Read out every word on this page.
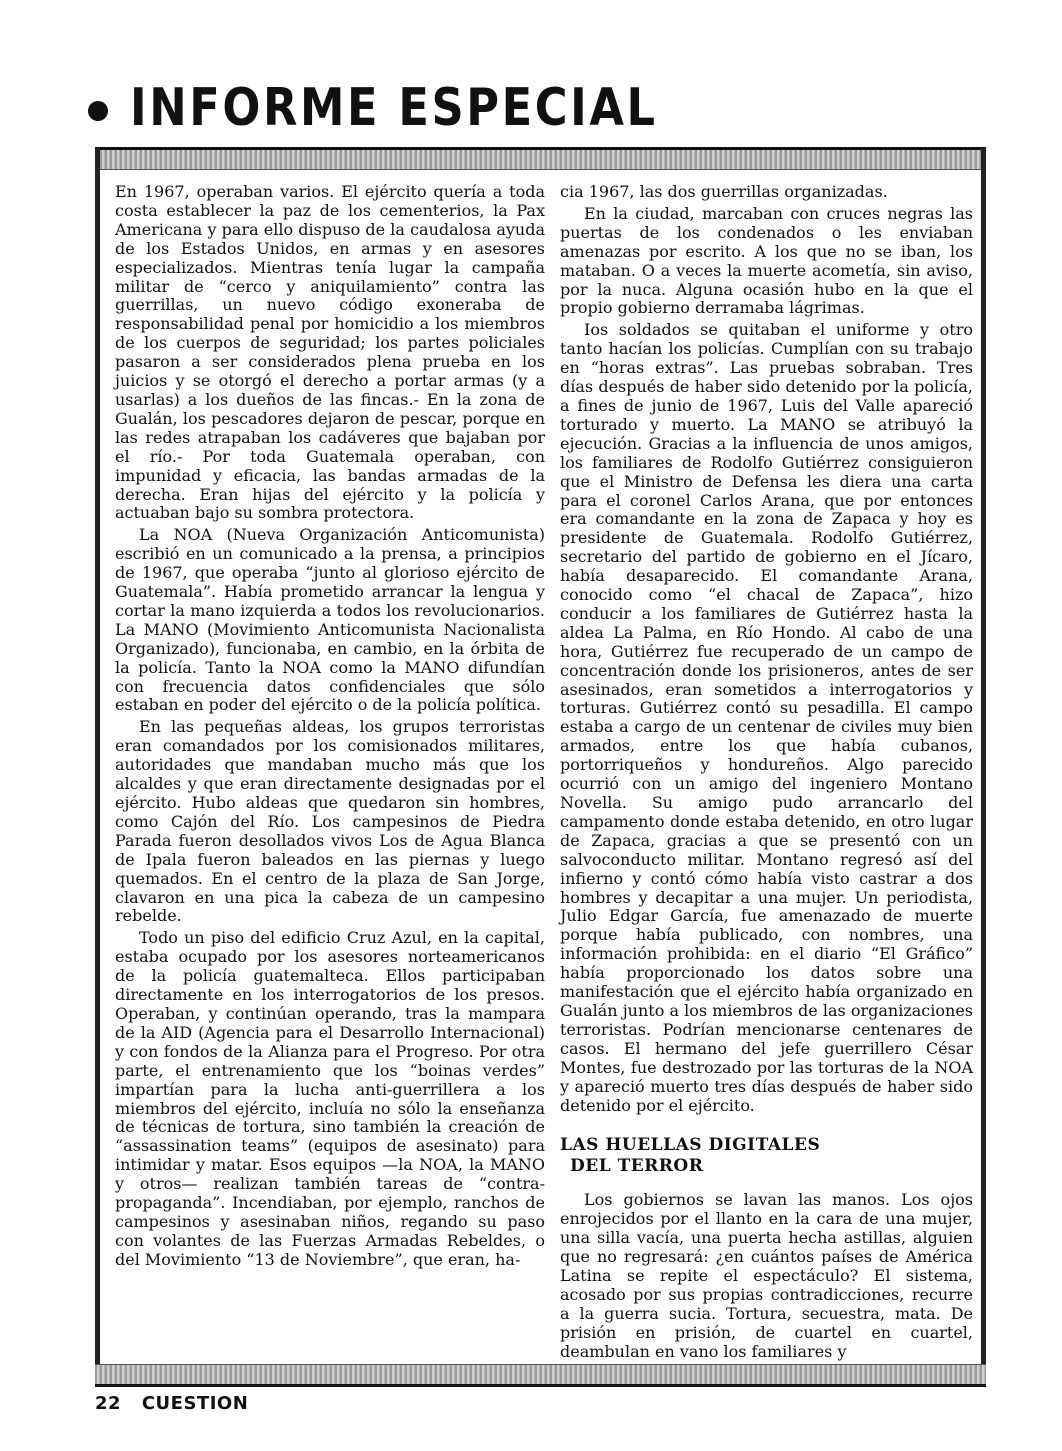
INFORME ESPECIAL

En 1967, operaban varios. El ejército quería a toda costa establecer la paz de los cementerios, la Pax Americana y para ello dispuso de la caudalosa ayuda de los Estados Unidos, en armas y en asesores especializados. Mientras tenía lugar la campaña militar de “cerco y aniquilamiento” contra las guerrillas, un nuevo código exoneraba de responsabilidad penal por homicidio a los miembros de los cuerpos de seguridad; los partes policiales pasaron a ser considerados plena prueba en los juicios y se otorgó el derecho a portar armas (y a usarlas) a los dueños de las fincas.- En la zona de Gualán, los pescadores dejaron de pescar, porque en las redes atrapaban los cadáveres que bajaban por el río.- Por toda Guatemala operaban, con impunidad y eficacia, las bandas armadas de la derecha. Eran hijas del ejército y la policía y actuaban bajo su sombra protectora.

La NOA (Nueva Organización Anticomunista) escribió en un comunicado a la prensa, a principios de 1967, que operaba “junto al glorioso ejército de Guatemala”. Había prometido arrancar la lengua y cortar la mano izquierda a todos los revolucionarios. La MANO (Movimiento Anticomunista Nacionalista Organizado), funcionaba, en cambio, en la órbita de la policía. Tanto la NOA como la MANO difundían con frecuencia datos confidenciales que sólo estaban en poder del ejército o de la policía política.

En las pequeñas aldeas, los grupos terroristas eran comandados por los comisionados militares, autoridades que mandaban mucho más que los alcaldes y que eran directamente designadas por el ejército. Hubo aldeas que quedaron sin hombres, como Cajón del Río. Los campesinos de Piedra Parada fueron desollados vivos Los de Agua Blanca de Ipala fueron baleados en las piernas y luego quemados. En el centro de la plaza de San Jorge, clavaron en una pica la cabeza de un campesino rebelde.

Todo un piso del edificio Cruz Azul, en la capital, estaba ocupado por los asesores norteamericanos de la policía guatemalteca. Ellos participaban directamente en los interrogatorios de los presos. Operaban, y continúan operando, tras la mampara de la AID (Agencia para el Desarrollo Internacional) y con fondos de la Alianza para el Progreso. Por otra parte, el entrenamiento que los “boinas verdes” impartían para la lucha anti-guerrillera a los miembros del ejército, incluía no sólo la enseñanza de técnicas de tortura, sino también la creación de “assassination teams” (equipos de asesinato) para intimidar y matar. Esos equipos —la NOA, la MANO y otros— realizan también tareas de “contra-propaganda”. Incendiaban, por ejemplo, ranchos de campesinos y asesinaban niños, regando su paso con volantes de las Fuerzas Armadas Rebeldes, o del Movimiento “13 de Noviembre”, que eran, ha-

cia 1967, las dos guerrillas organizadas.

En la ciudad, marcaban con cruces negras las puertas de los condenados o les enviaban amenazas por escrito. A los que no se iban, los mataban. O a veces la muerte acometía, sin aviso, por la nuca. Alguna ocasión hubo en la que el propio gobierno derramaba lágrimas.

Ios soldados se quitaban el uniforme y otro tanto hacían los policías. Cumplían con su trabajo en “horas extras”. Las pruebas sobraban. Tres días después de haber sido detenido por la policía, a fines de junio de 1967, Luis del Valle apareció torturado y muerto. La MANO se atribuyó la ejecución. Gracias a la influencia de unos amigos, los familiares de Rodolfo Gutiérrez consiguieron que el Ministro de Defensa les diera una carta para el coronel Carlos Arana, que por entonces era comandante en la zona de Zapaca y hoy es presidente de Guatemala. Rodolfo Gutiérrez, secretario del partido de gobierno en el Jícaro, había desaparecido. El comandante Arana, conocido como “el chacal de Zapaca”, hizo conducir a los familiares de Gutiérrez hasta la aldea La Palma, en Río Hondo. Al cabo de una hora, Gutiérrez fue recuperado de un campo de concentración donde los prisioneros, antes de ser asesinados, eran sometidos a interrogatorios y torturas. Gutiérrez contó su pesadilla. El campo estaba a cargo de un centenar de civiles muy bien armados, entre los que había cubanos, portorriqueños y hondureños. Algo parecido ocurrió con un amigo del ingeniero Montano Novella. Su amigo pudo arrancarlo del campamento donde estaba detenido, en otro lugar de Zapaca, gracias a que se presentó con un salvoconducto militar. Montano regresó así del infierno y contó cómo había visto castrar a dos hombres y decapitar a una mujer. Un periodista, Julio Edgar García, fue amenazado de muerte porque había publicado, con nombres, una información prohibida: en el diario “El Gráfico” había proporcionado los datos sobre una manifestación que el ejército había organizado en Gualán junto a los miembros de las organizaciones terroristas. Podrían mencionarse centenares de casos. El hermano del jefe guerrillero César Montes, fue destrozado por las torturas de la NOA y apareció muerto tres días después de haber sido detenido por el ejército.

LAS HUELLAS DIGITALES
DEL TERROR

Los gobiernos se lavan las manos. Los ojos enrojecidos por el llanto en la cara de una mujer, una silla vacía, una puerta hecha astillas, alguien que no regresará: ¿en cuántos países de América Latina se repite el espectáculo? El sistema, acosado por sus propias contradicciones, recurre a la guerra sucia. Tortura, secuestra, mata. De prisión en prisión, de cuartel en cuartel, deambulan en vano los familiares y

22 CUESTION
